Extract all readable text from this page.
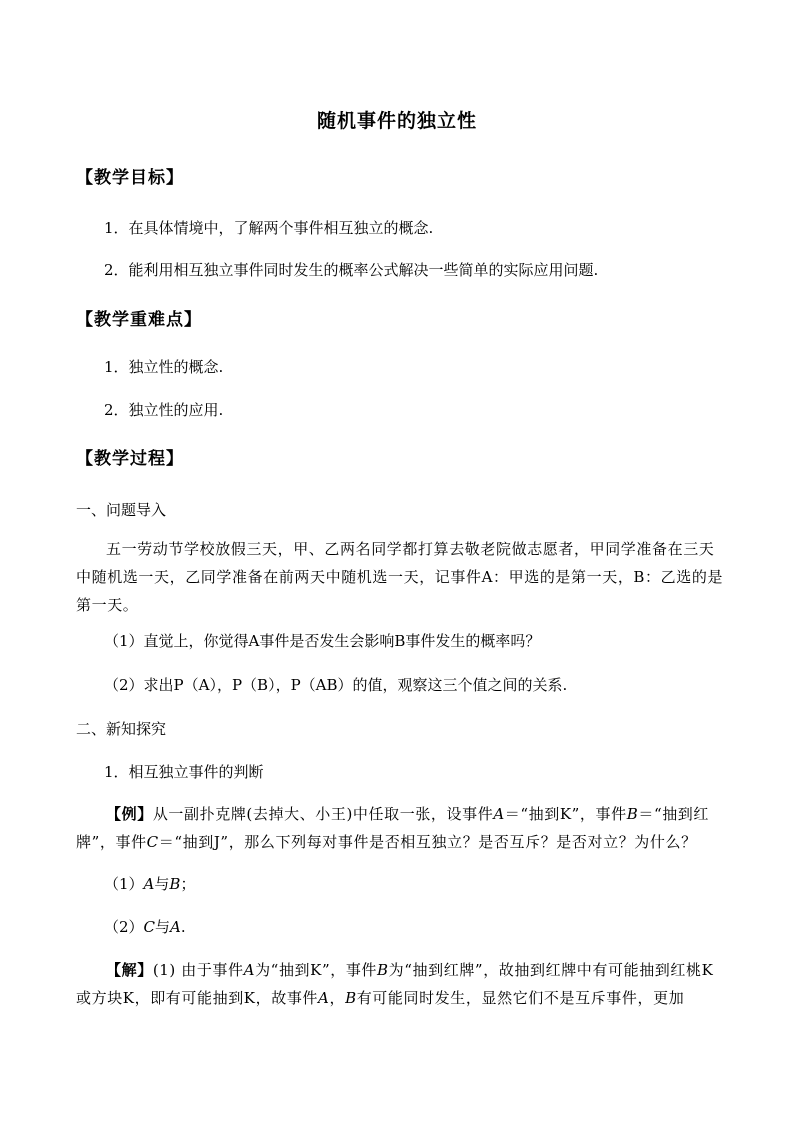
随机事件的独立性
【教学目标】
1．在具体情境中，了解两个事件相互独立的概念.
2．能利用相互独立事件同时发生的概率公式解决一些简单的实际应用问题.
【教学重难点】
1．独立性的概念.
2．独立性的应用.
【教学过程】
一、问题导入
五一劳动节学校放假三天，甲、乙两名同学都打算去敬老院做志愿者，甲同学准备在三天中随机选一天，乙同学准备在前两天中随机选一天，记事件A：甲选的是第一天，B：乙选的是第一天。
（1）直觉上，你觉得A事件是否发生会影响B事件发生的概率吗？
（2）求出P（A），P（B），P（AB）的值，观察这三个值之间的关系.
二、新知探究
1．相互独立事件的判断
【例】从一副扑克牌(去掉大、小王)中任取一张，设事件A＝“抽到K”，事件B＝“抽到红牌”，事件C＝“抽到J”，那么下列每对事件是否相互独立？是否互斥？是否对立？为什么？
（1）A与B；
（2）C与A.
【解】(1) 由于事件A为“抽到K”，事件B为“抽到红牌”，故抽到红牌中有可能抽到红桃K或方块K，即有可能抽到K，故事件A，B有可能同时发生，显然它们不是互斥事件，更加
